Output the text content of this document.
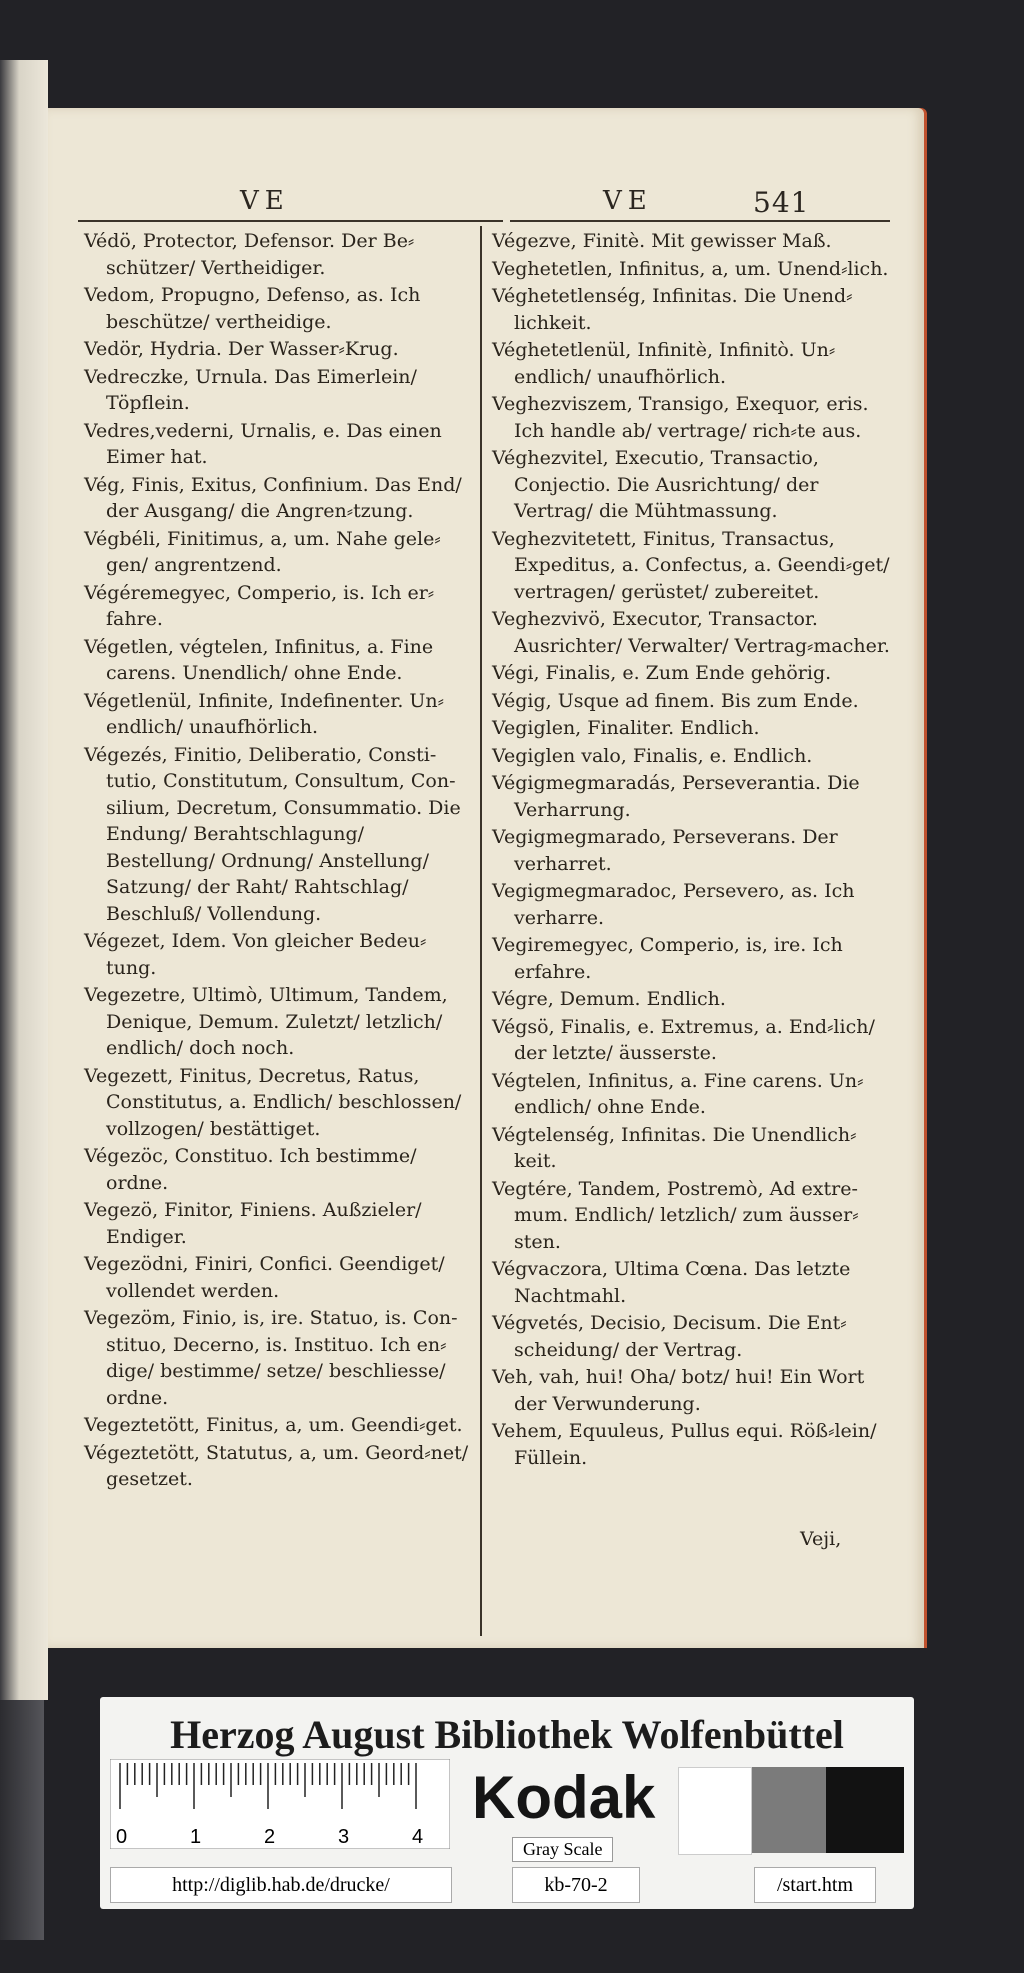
VE	VE	541
Védö, Protector, Defensor. Der Be⸗schützer/ Vertheidiger.
Vedom, Propugno, Defenso, as. Ich beschütze/ vertheidige.
Vedör, Hydria. Der Wasser⸗Krug.
Vedreczke, Urnula. Das Eimerlein/ Töpflein.
Vedres,vederni, Urnalis, e. Das einen Eimer hat.
Vég, Finis, Exitus, Confinium. Das End/ der Ausgang/ die Angren⸗tzung.
Végbéli, Finitimus, a, um. Nahe gele⸗gen/ angrentzend.
Végéremegyec, Comperio, is. Ich er⸗fahre.
Végetlen, végtelen, Infinitus, a. Fine carens. Unendlich/ ohne Ende.
Végetlenül, Infinite, Indefinenter. Un⸗endlich/ unaufhörlich.
Végezés, Finitio, Deliberatio, Consti-tutio, Constitutum, Consultum, Con-silium, Decretum, Consummatio. Die Endung/ Berahtschlagung/ Bestellung/ Ordnung/ Anstellung/ Satzung/ der Raht/ Rahtschlag/ Beschluß/ Vollendung.
Végezet, Idem. Von gleicher Bedeu⸗tung.
Vegezetre, Ultimò, Ultimum, Tandem, Denique, Demum. Zuletzt/ letzlich/ endlich/ doch noch.
Vegezett, Finitus, Decretus, Ratus, Constitutus, a. Endlich/ beschlossen/ vollzogen/ bestättiget.
Végezöc, Constituo. Ich bestimme/ ordne.
Vegezö, Finitor, Finiens. Außzieler/ Endiger.
Vegezödni, Finiri, Confici. Geendiget/ vollendet werden.
Vegezöm, Finio, is, ire. Statuo, is. Con-stituo, Decerno, is. Instituo. Ich en⸗dige/ bestimme/ setze/ beschliesse/ ordne.
Vegeztetött, Finitus, a, um. Geendi⸗get.
Végeztetött, Statutus, a, um. Geord⸗net/ gesetzet.
Végezve, Finitè. Mit gewisser Maß.
Veghetetlen, Infinitus, a, um. Unend⸗lich.
Véghetetlenség, Infinitas. Die Unend⸗lichkeit.
Véghetetlenül, Infinitè, Infinitò. Un⸗endlich/ unaufhörlich.
Veghezviszem, Transigo, Exequor, eris. Ich handle ab/ vertrage/ rich⸗te aus.
Véghezvitel, Executio, Transactio, Conjectio. Die Ausrichtung/ der Vertrag/ die Mühtmassung.
Veghezvitetett, Finitus, Transactus, Expeditus, a. Confectus, a. Geendi⸗get/ vertragen/ gerüstet/ zubereitet.
Veghezvivö, Executor, Transactor. Ausrichter/ Verwalter/ Vertrag⸗macher.
Végi, Finalis, e. Zum Ende gehörig.
Végig, Usque ad finem. Bis zum Ende.
Vegiglen, Finaliter. Endlich.
Vegiglen valo, Finalis, e. Endlich.
Végigmegmaradás, Perseverantia. Die Verharrung.
Vegigmegmarado, Perseverans. Der verharret.
Vegigmegmaradoc, Persevero, as. Ich verharre.
Vegiremegyec, Comperio, is, ire. Ich erfahre.
Végre, Demum. Endlich.
Végsö, Finalis, e. Extremus, a. End⸗lich/ der letzte/ äusserste.
Végtelen, Infinitus, a. Fine carens. Un⸗endlich/ ohne Ende.
Végtelenség, Infinitas. Die Unendlich⸗keit.
Vegtére, Tandem, Postremò, Ad extre-mum. Endlich/ letzlich/ zum äusser⸗sten.
Végvaczora, Ultima Cœna. Das letzte Nachtmahl.
Végvetés, Decisio, Decisum. Die Ent⸗scheidung/ der Vertrag.
Veh, vah, hui! Oha/ botz/ hui! Ein Wort der Verwunderung.
Vehem, Equuleus, Pullus equi. Röß⸗lein/ Füllein.
Veji,
Herzog August Bibliothek Wolfenbüttel
0	1	2	3	4
Kodak
Gray Scale
http://diglib.hab.de/drucke/	kb-70-2	/start.htm
